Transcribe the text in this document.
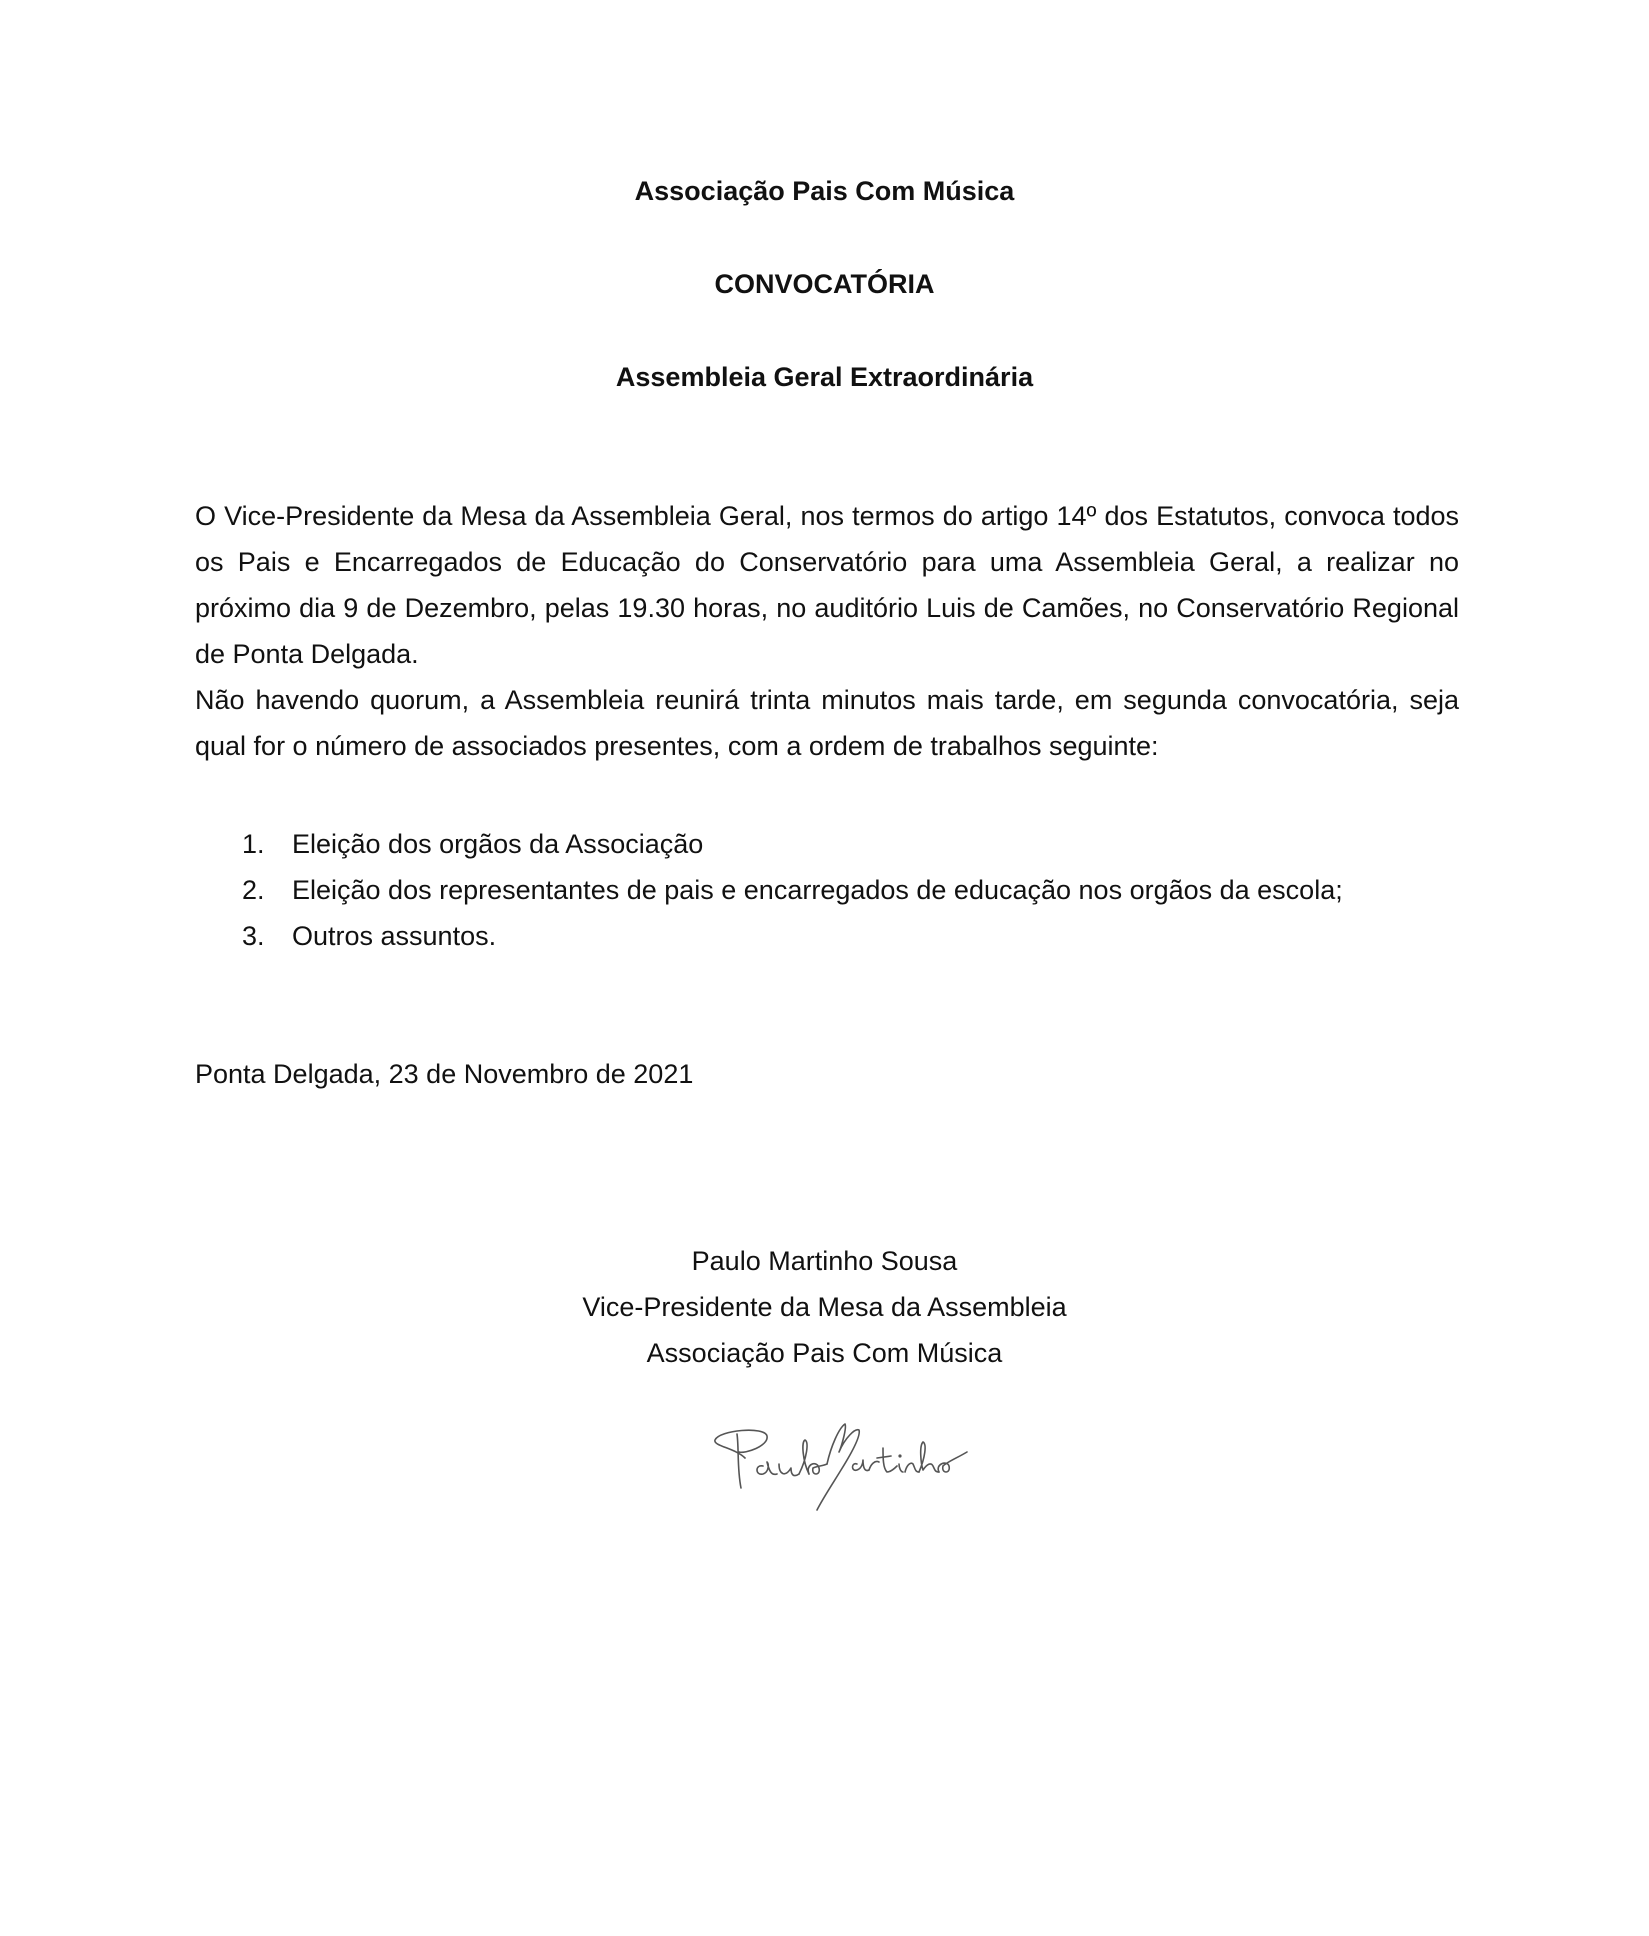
Associação Pais Com Música
CONVOCATÓRIA
Assembleia Geral Extraordinária

O Vice-Presidente da Mesa da Assembleia Geral, nos termos do artigo 14º dos Estatutos, convoca todos os Pais e Encarregados de Educação do Conservatório para uma Assembleia Geral, a realizar no próximo dia 9 de Dezembro, pelas 19.30 horas, no auditório Luis de Camões, no Conservatório Regional de Ponta Delgada.

Não havendo quorum, a Assembleia reunirá trinta minutos mais tarde, em segunda convocatória, seja qual for o número de associados presentes, com a ordem de trabalhos seguinte:

1. Eleição dos orgãos da Associação
2. Eleição dos representantes de pais e encarregados de educação nos orgãos da escola;
3. Outros assuntos.
Ponta Delgada, 23 de Novembro de 2021
Paulo Martinho Sousa
Vice-Presidente da Mesa da Assembleia
Associação Pais Com Música
